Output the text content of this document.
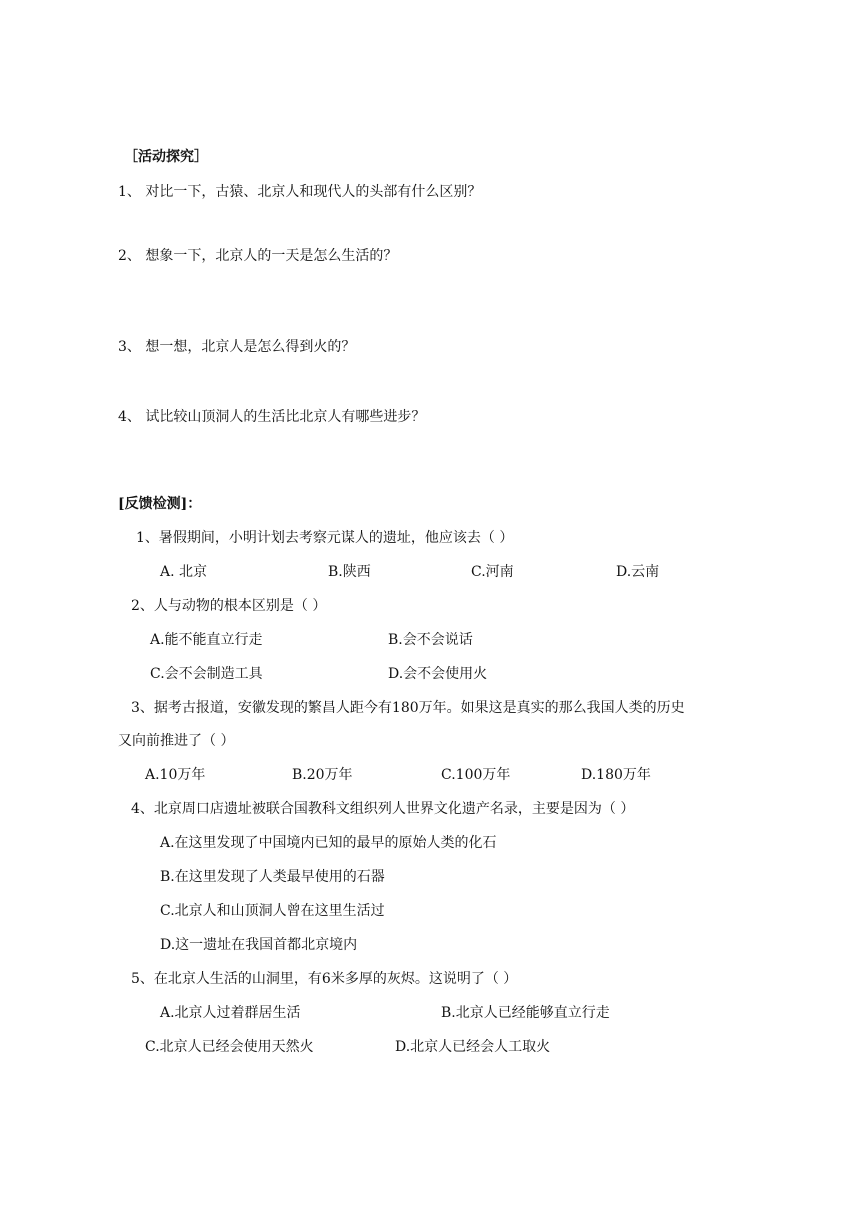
［活动探究］
1、 对比一下，古猿、北京人和现代人的头部有什么区别？
2、 想象一下，北京人的一天是怎么生活的？
3、 想一想，北京人是怎么得到火的？
4、 试比较山顶洞人的生活比北京人有哪些进步？
[反馈检测]：
1、暑假期间，小明计划去考察元谋人的遗址，他应该去（ ）
A. 北京	B.陕西	C.河南	D.云南
2、人与动物的根本区别是（ ）
A.能不能直立行走	B.会不会说话
C.会不会制造工具	D.会不会使用火
3、据考古报道，安徽发现的繁昌人距今有180万年。如果这是真实的那么我国人类的历史
又向前推进了（ ）
A.10万年	B.20万年	C.100万年	D.180万年
4、北京周口店遗址被联合国教科文组织列人世界文化遗产名录，主要是因为（ ）
A.在这里发现了中国境内已知的最早的原始人类的化石
B.在这里发现了人类最早使用的石器
C.北京人和山顶洞人曾在这里生活过
D.这一遗址在我国首都北京境内
5、在北京人生活的山洞里，有6米多厚的灰烬。这说明了（ ）
A.北京人过着群居生活	B.北京人已经能够直立行走
C.北京人已经会使用天然火	D.北京人已经会人工取火
